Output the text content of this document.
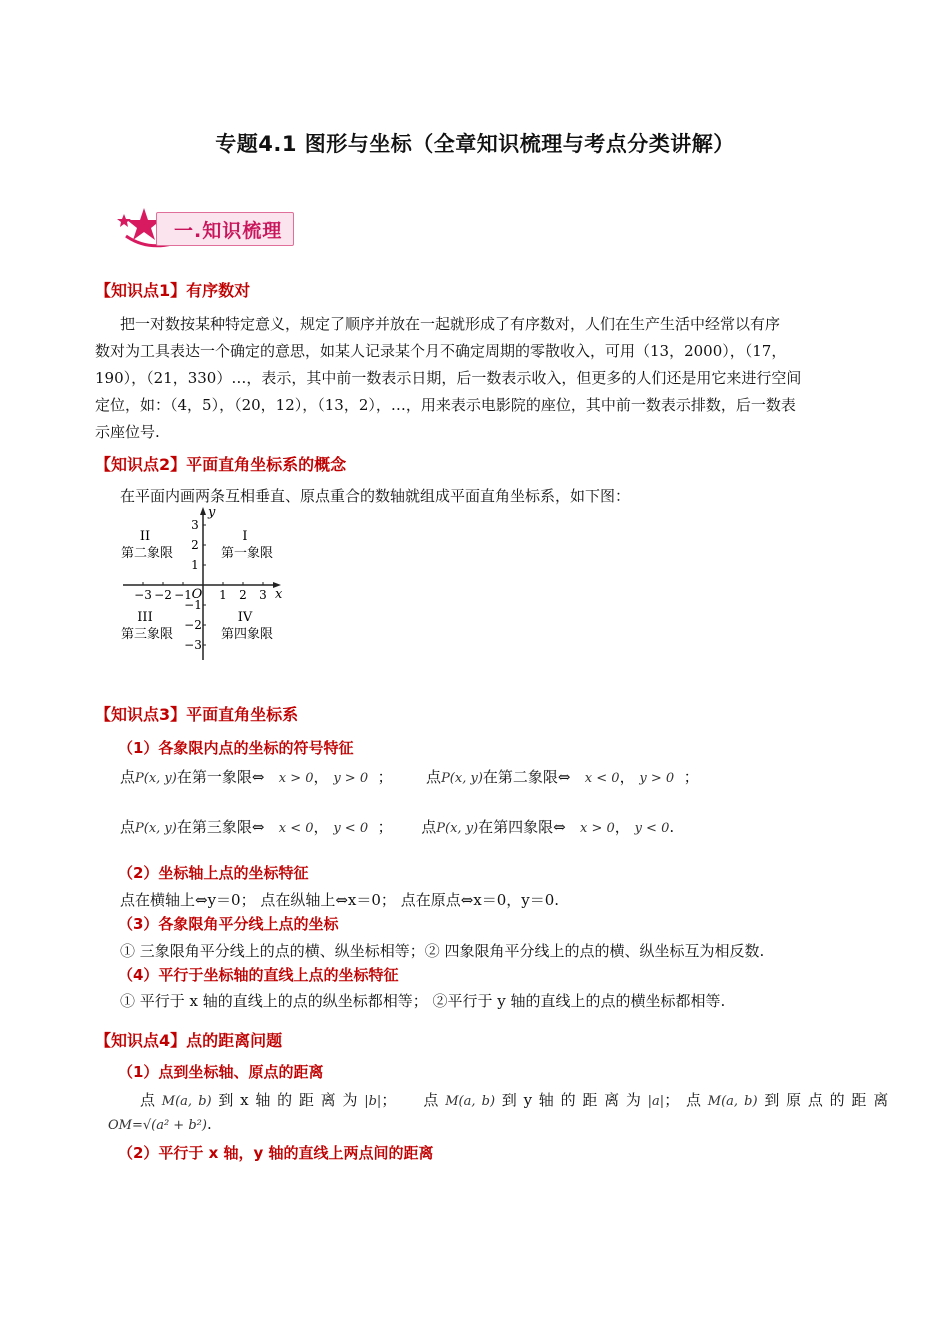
专题4.1 图形与坐标（全章知识梳理与考点分类讲解）
一.知识梳理
【知识点1】有序数对
把一对数按某种特定意义，规定了顺序并放在一起就形成了有序数对，人们在生产生活中经常以有序
数对为工具表达一个确定的意思，如某人记录某个月不确定周期的零散收入，可用（13，2000），（17，
190），（21，330）…，表示，其中前一数表示日期，后一数表示收入，但更多的人们还是用它来进行空间
定位，如：（4，5），（20，12），（13，2），…，用来表示电影院的座位，其中前一数表示排数，后一数表
示座位号.
【知识点2】平面直角坐标系的概念
在平面内画两条互相垂直、原点重合的数轴就组成平面直角坐标系，如下图：
II
第二象限
I
第一象限
III
第三象限
IV
第四象限
−3 −2 −1 O 1 2 3 x
y
3
2
1
−1
−2
−3
【知识点3】平面直角坐标系
（1）各象限内点的坐标的符号特征
点P(x, y)在第一象限⇔ x > 0， y > 0 ； 点P(x, y)在第二象限⇔ x < 0， y > 0 ；
点P(x, y)在第三象限⇔ x < 0， y < 0 ； 点P(x, y)在第四象限⇔ x > 0， y < 0.
（2）坐标轴上点的坐标特征
点在横轴上⇔y＝0； 点在纵轴上⇔x＝0； 点在原点⇔x＝0，y＝0.
（3）各象限角平分线上点的坐标
① 三象限角平分线上的点的横、纵坐标相等；② 四象限角平分线上的点的横、纵坐标互为相反数.
（4）平行于坐标轴的直线上点的坐标特征
① 平行于 x 轴的直线上的点的纵坐标都相等； ②平行于 y 轴的直线上的点的横坐标都相等.
【知识点4】点的距离问题
（1）点到坐标轴、原点的距离
点 M(a, b) 到 x 轴 的 距 离 为 |b|； 点 M(a, b) 到 y 轴 的 距 离 为 |a|； 点 M(a, b) 到 原 点 的 距 离
OM=√(a² + b²).
（2）平行于 x 轴，y 轴的直线上两点间的距离
